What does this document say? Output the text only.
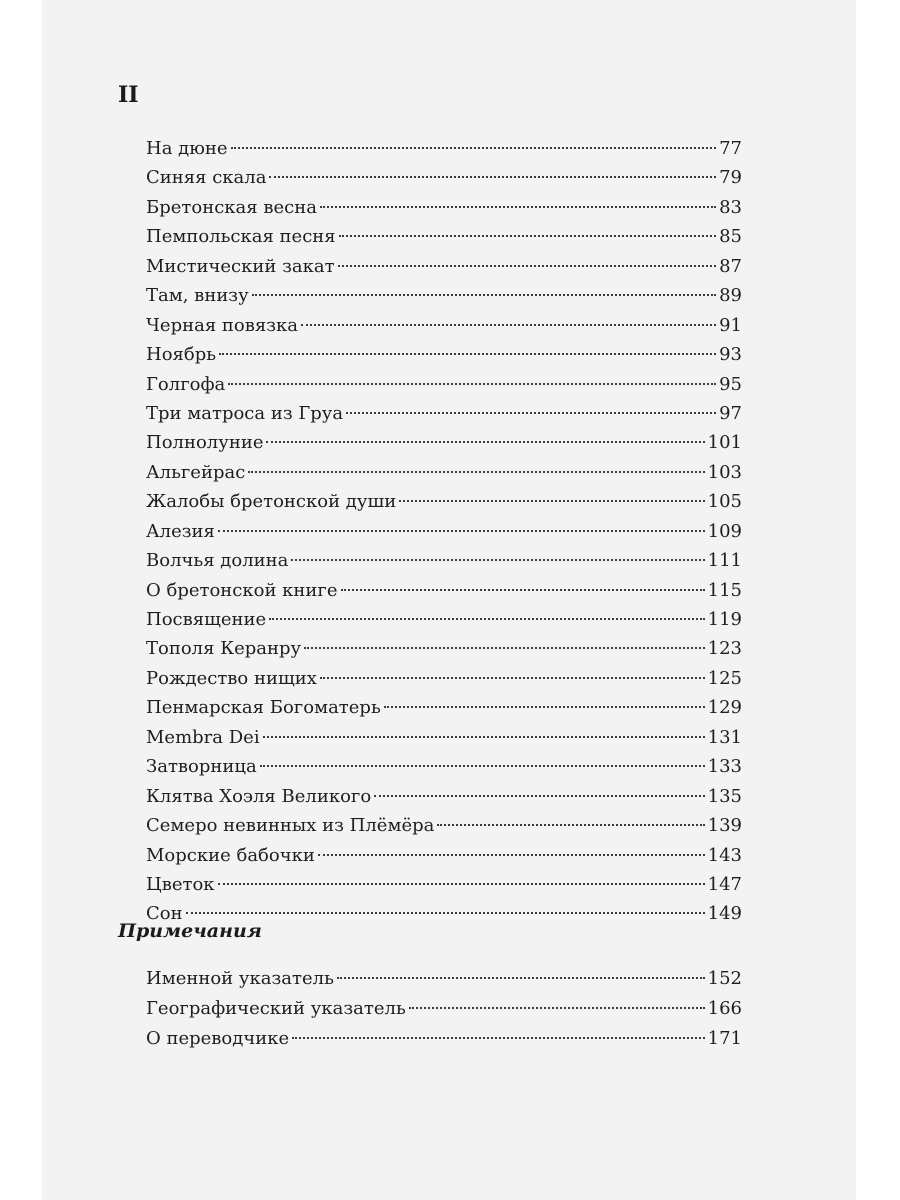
II
На дюне	77
Синяя скала	79
Бретонская весна	83
Пемпольская песня	85
Мистический закат	87
Там, внизу	89
Черная повязка	91
Ноябрь	93
Голгофа	95
Три матроса из Груа	97
Полнолуние	101
Альгейрас	103
Жалобы бретонской души	105
Алезия	109
Волчья долина	111
О бретонской книге	115
Посвящение	119
Тополя Керанру	123
Рождество нищих	125
Пенмарская Богоматерь	129
Membra Dei	131
Затворница	133
Клятва Хоэля Великого	135
Семеро невинных из Плёмёра	139
Морские бабочки	143
Цветок	147
Сон	149
Примечания
Именной указатель	152
Географический указатель	166
О переводчике	171
